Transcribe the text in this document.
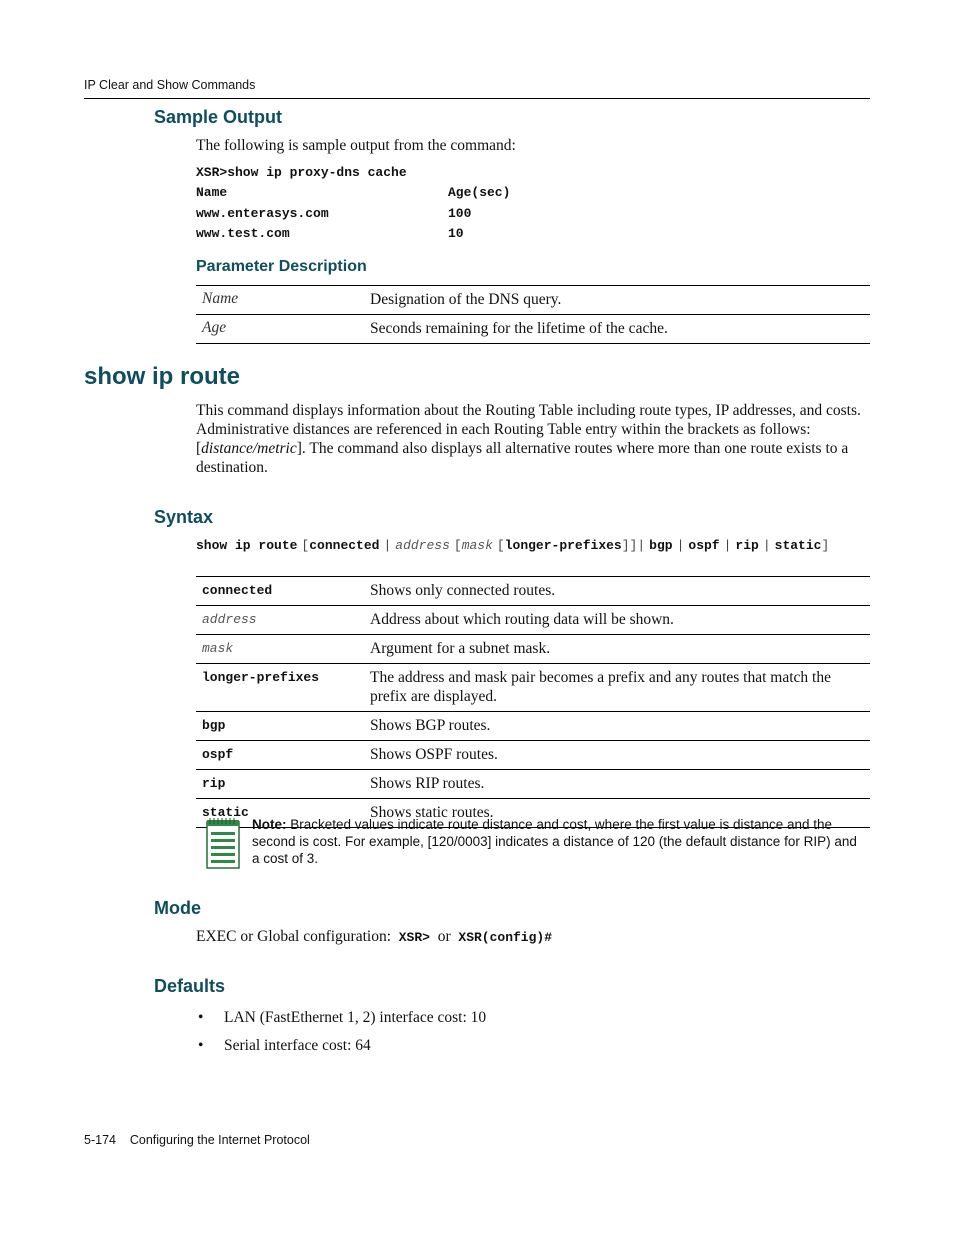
IP Clear and Show Commands
Sample Output
The following is sample output from the command:
XSR>show ip proxy-dns cache
Name	Age(sec)
www.enterasys.com	100
www.test.com	10
Parameter Description
Name	Designation of the DNS query.
Age	Seconds remaining for the lifetime of the cache.
show ip route
This command displays information about the Routing Table including route types, IP addresses, and costs. Administrative distances are referenced in each Routing Table entry within the brackets as follows: [distance/metric]. The command also displays all alternative routes where more than one route exists to a destination.
Syntax
show ip route [connected | address [mask [longer-prefixes]]| bgp | ospf | rip | static]
connected	Shows only connected routes.
address	Address about which routing data will be shown.
mask	Argument for a subnet mask.
longer-prefixes	The address and mask pair becomes a prefix and any routes that match the prefix are displayed.
bgp	Shows BGP routes.
ospf	Shows OSPF routes.
rip	Shows RIP routes.
static	Shows static routes.
Note: Bracketed values indicate route distance and cost, where the first value is distance and the second is cost. For example, [120/0003] indicates a distance of 120 (the default distance for RIP) and a cost of 3.
Mode
EXEC or Global configuration: XSR> or XSR(config)#
Defaults
• LAN (FastEthernet 1, 2) interface cost: 10
• Serial interface cost: 64
5-174    Configuring the Internet Protocol
